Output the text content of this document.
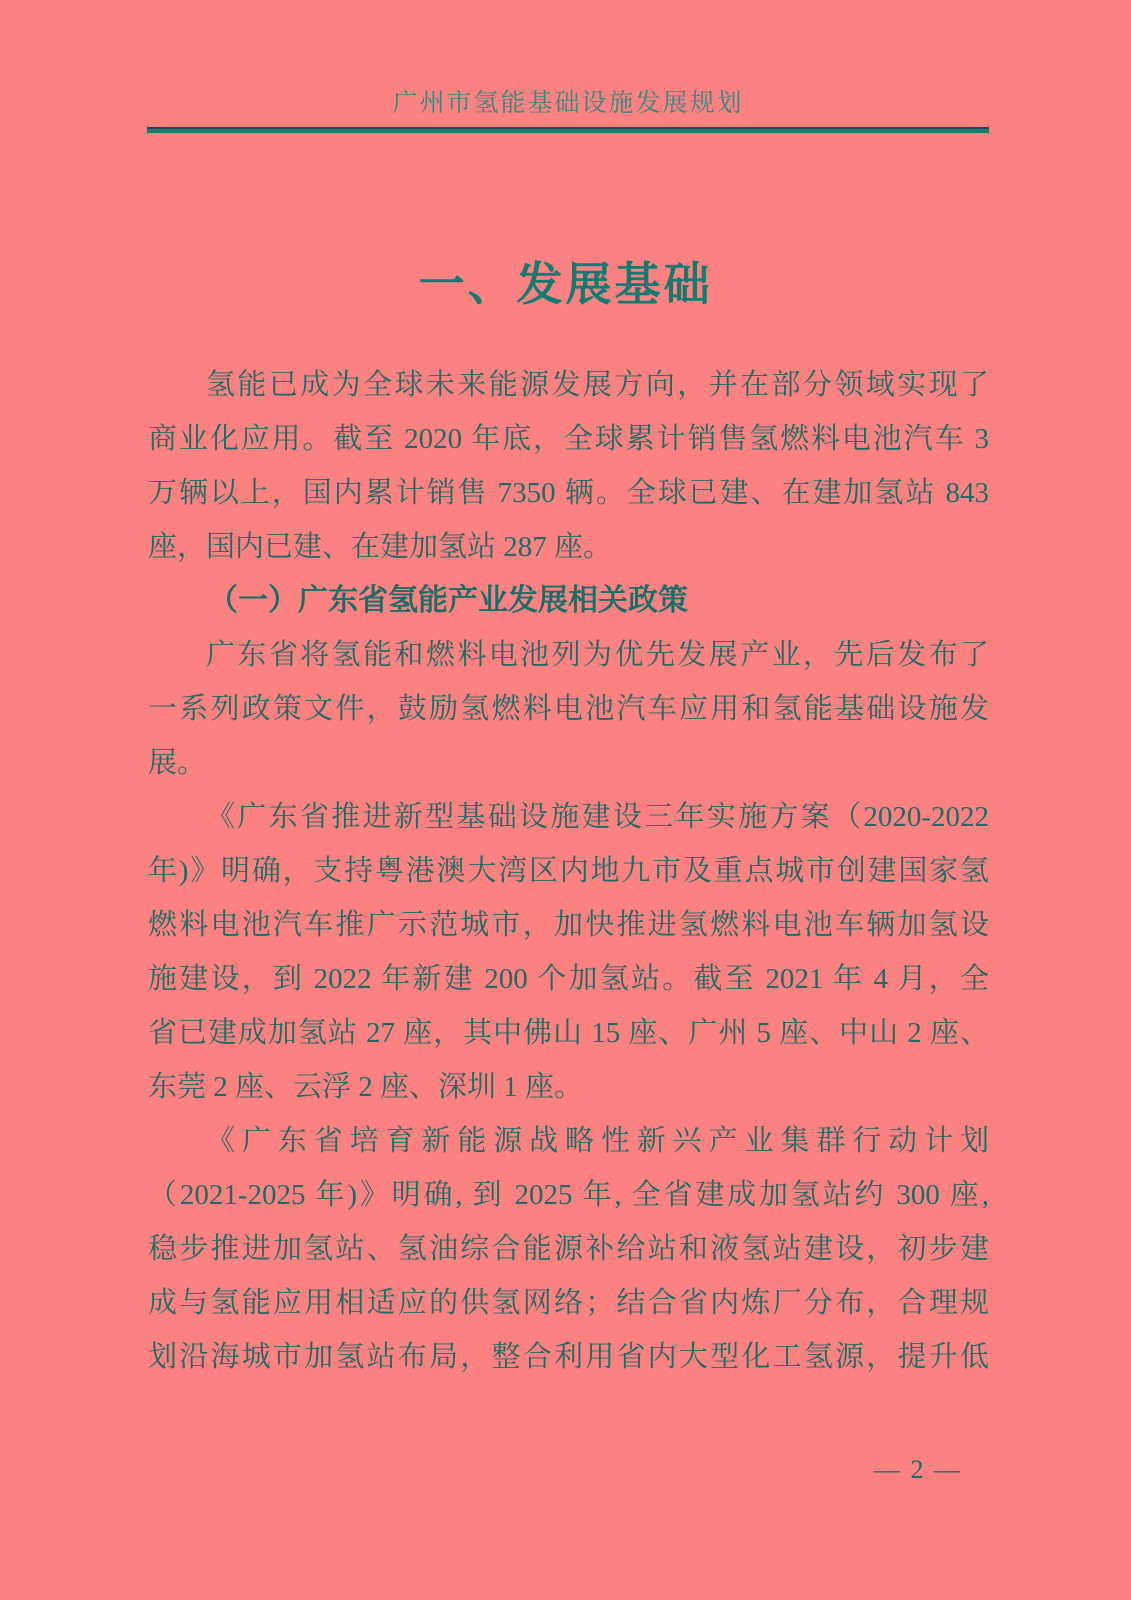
广州市氢能基础设施发展规划
一、发展基础
氢能已成为全球未来能源发展方向，并在部分领域实现了
商业化应用。截至 2020 年底，全球累计销售氢燃料电池汽车 3
万辆以上，国内累计销售 7350 辆。全球已建、在建加氢站 843
座，国内已建、在建加氢站 287 座。
（一）广东省氢能产业发展相关政策
广东省将氢能和燃料电池列为优先发展产业，先后发布了
一系列政策文件，鼓励氢燃料电池汽车应用和氢能基础设施发
展。
《广东省推进新型基础设施建设三年实施方案（2020-2022
年)》明确，支持粤港澳大湾区内地九市及重点城市创建国家氢
燃料电池汽车推广示范城市，加快推进氢燃料电池车辆加氢设
施建设，到 2022 年新建 200 个加氢站。截至 2021 年 4 月，全
省已建成加氢站 27 座，其中佛山 15 座、广州 5 座、中山 2 座、
东莞 2 座、云浮 2 座、深圳 1 座。
《广东省培育新能源战略性新兴产业集群行动计划
（2021-2025 年)》明确, 到 2025 年, 全省建成加氢站约 300 座,
稳步推进加氢站、氢油综合能源补给站和液氢站建设，初步建
成与氢能应用相适应的供氢网络；结合省内炼厂分布，合理规
划沿海城市加氢站布局，整合利用省内大型化工氢源，提升低
— 2 —
